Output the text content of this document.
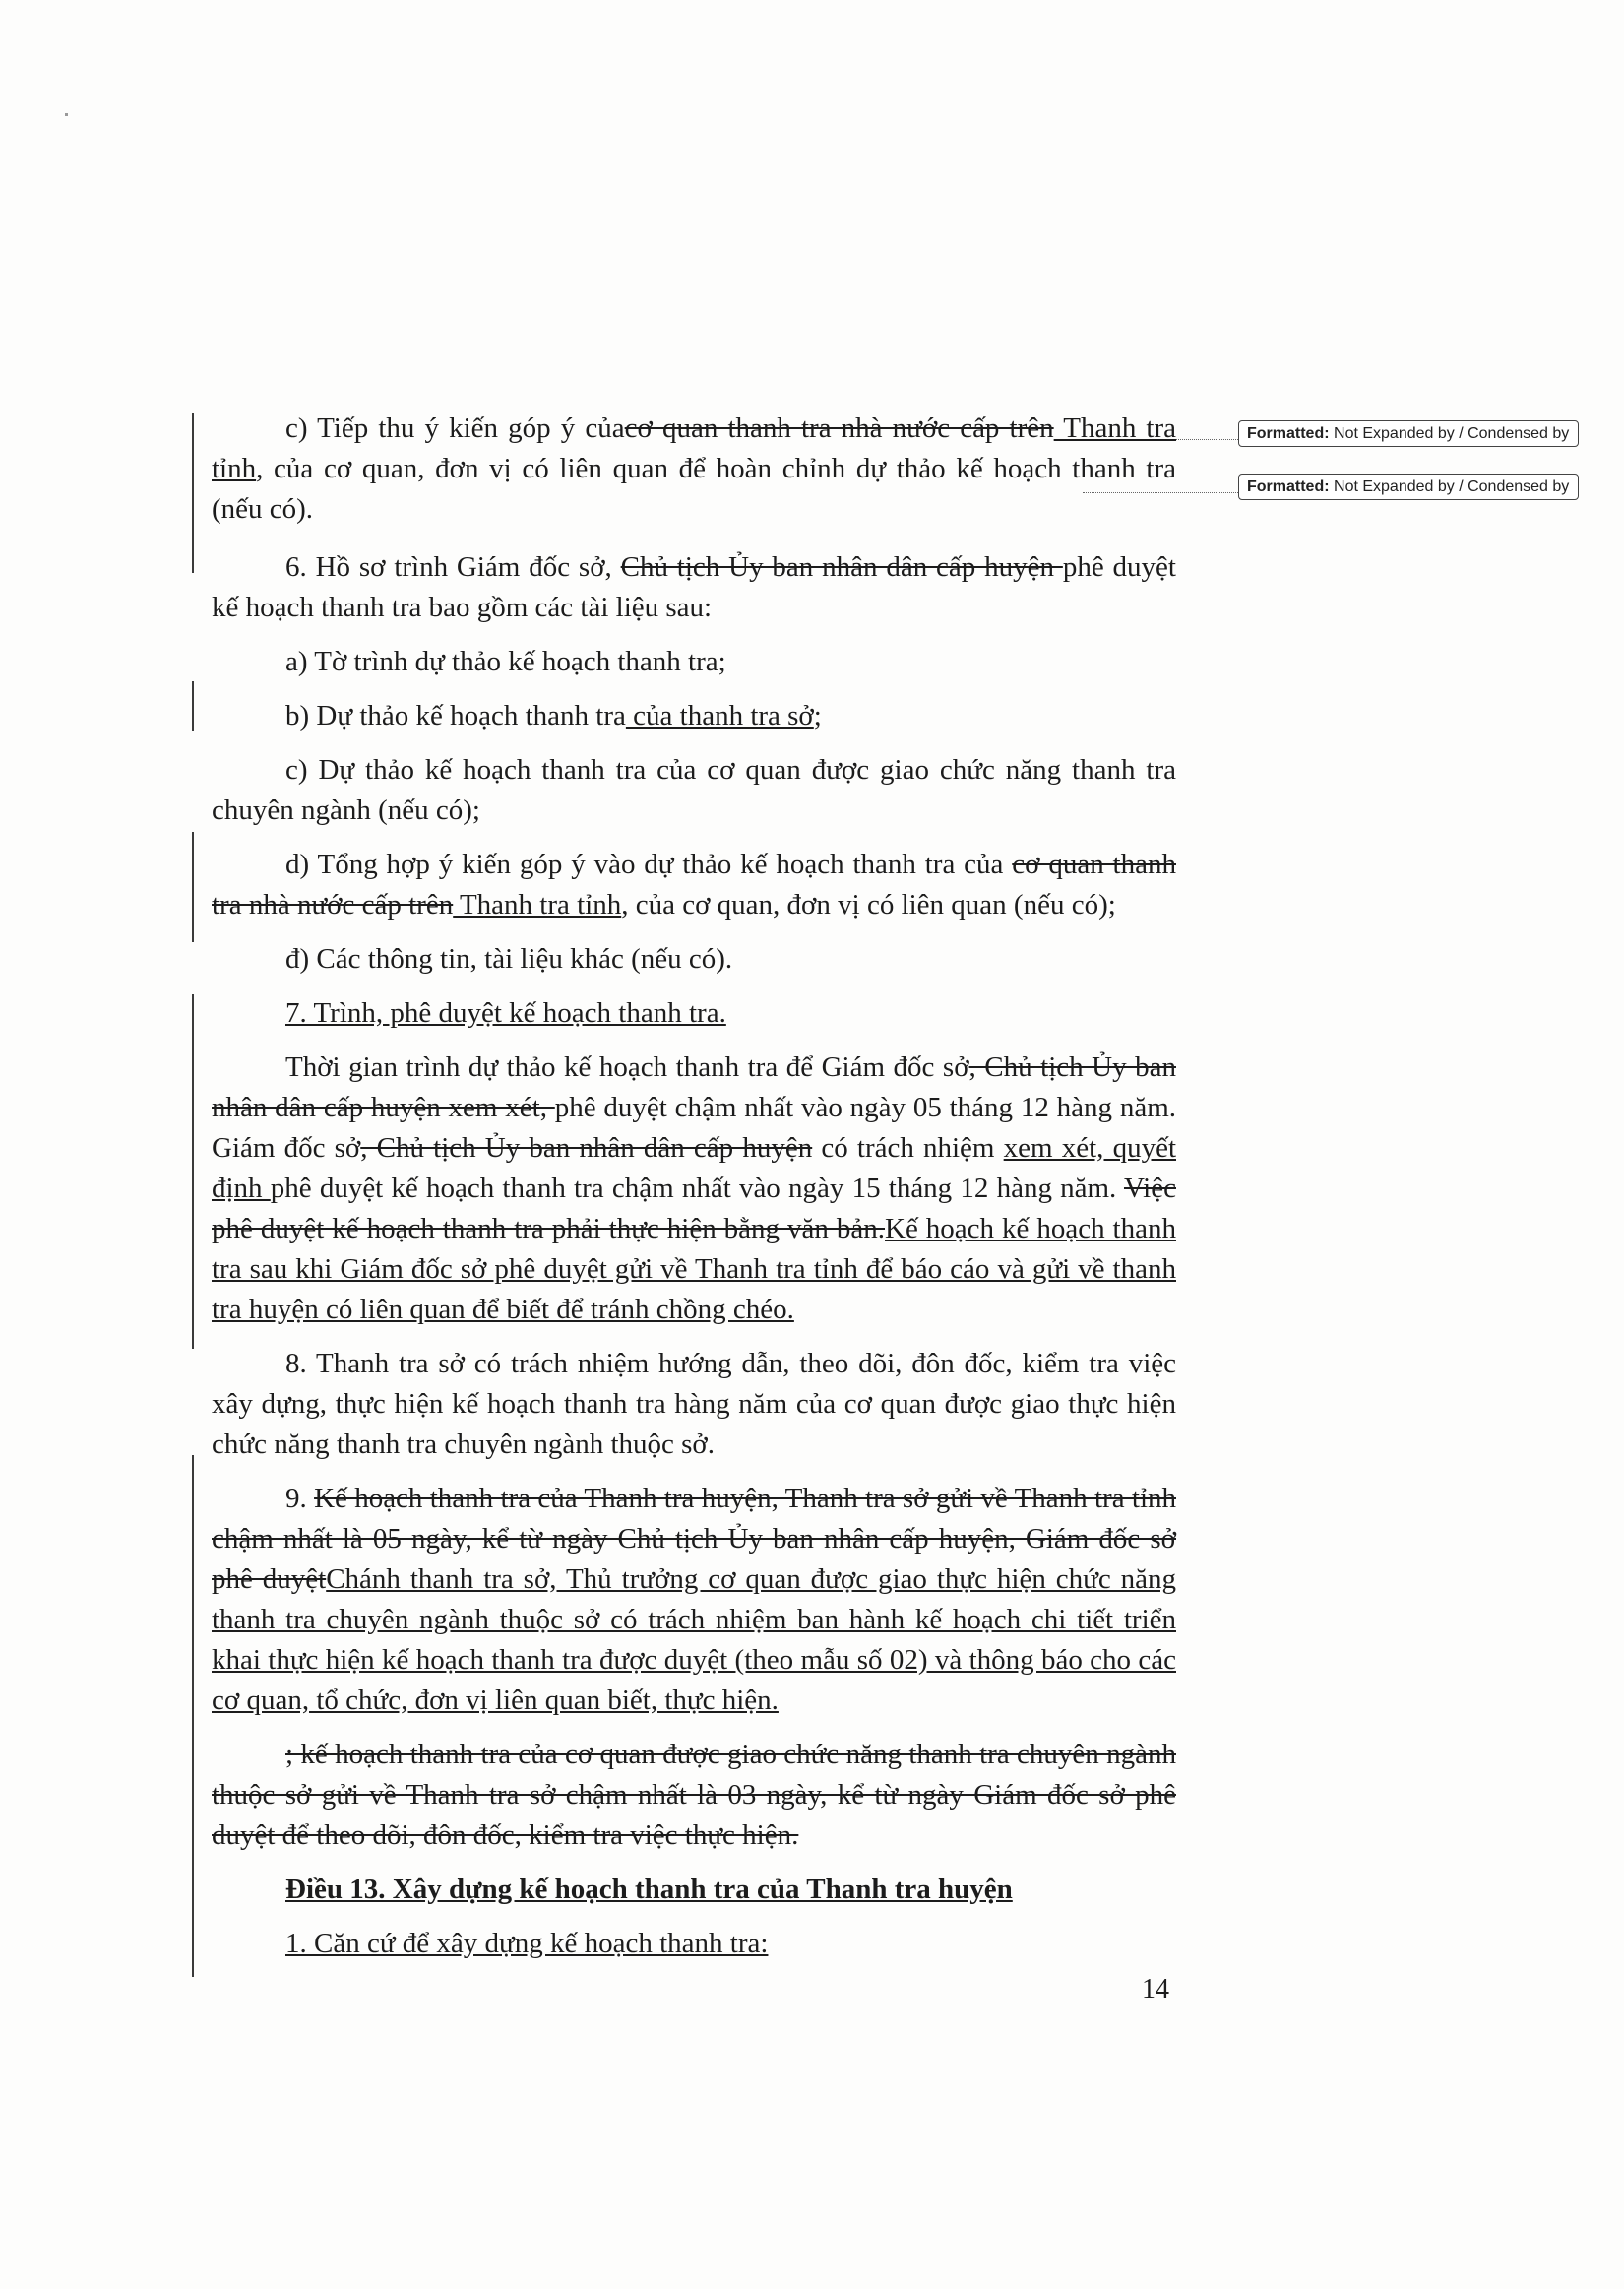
Formatted: Not Expanded by / Condensed by
Formatted: Not Expanded by / Condensed by

c) Tiếp thu ý kiến góp ý củacơ quan thanh tra nhà nước cấp trên Thanh tra tỉnh, của cơ quan, đơn vị có liên quan để hoàn chỉnh dự thảo kế hoạch thanh tra (nếu có).

6. Hồ sơ trình Giám đốc sở, Chủ tịch Ủy ban nhân dân cấp huyện phê duyệt kế hoạch thanh tra bao gồm các tài liệu sau:

a) Tờ trình dự thảo kế hoạch thanh tra;

b) Dự thảo kế hoạch thanh tra của thanh tra sở;

c) Dự thảo kế hoạch thanh tra của cơ quan được giao chức năng thanh tra chuyên ngành (nếu có);

d) Tổng hợp ý kiến góp ý vào dự thảo kế hoạch thanh tra của cơ quan thanh tra nhà nước cấp trên Thanh tra tỉnh, của cơ quan, đơn vị có liên quan (nếu có);

đ) Các thông tin, tài liệu khác (nếu có).

7. Trình, phê duyệt kế hoạch thanh tra.

Thời gian trình dự thảo kế hoạch thanh tra để Giám đốc sở, Chủ tịch Ủy ban nhân dân cấp huyện xem xét, phê duyệt chậm nhất vào ngày 05 tháng 12 hàng năm. Giám đốc sở, Chủ tịch Ủy ban nhân dân cấp huyện có trách nhiệm xem xét, quyết định phê duyệt kế hoạch thanh tra chậm nhất vào ngày 15 tháng 12 hàng năm. Việc phê duyệt kế hoạch thanh tra phải thực hiện bằng văn bản.Kế hoạch kế hoạch thanh tra sau khi Giám đốc sở phê duyệt gửi về Thanh tra tỉnh để báo cáo và gửi về thanh tra huyện có liên quan để biết để tránh chồng chéo.

8. Thanh tra sở có trách nhiệm hướng dẫn, theo dõi, đôn đốc, kiểm tra việc xây dựng, thực hiện kế hoạch thanh tra hàng năm của cơ quan được giao thực hiện chức năng thanh tra chuyên ngành thuộc sở.

9. Kế hoạch thanh tra của Thanh tra huyện, Thanh tra sở gửi về Thanh tra tỉnh chậm nhất là 05 ngày, kể từ ngày Chủ tịch Ủy ban nhân cấp huyện, Giám đốc sở phê duyệtChánh thanh tra sở, Thủ trưởng cơ quan được giao thực hiện chức năng thanh tra chuyên ngành thuộc sở có trách nhiệm ban hành kế hoạch chi tiết triển khai thực hiện kế hoạch thanh tra được duyệt (theo mẫu số 02) và thông báo cho các cơ quan, tổ chức, đơn vị liên quan biết, thực hiện.

; kế hoạch thanh tra của cơ quan được giao chức năng thanh tra chuyên ngành thuộc sở gửi về Thanh tra sở chậm nhất là 03 ngày, kể từ ngày Giám đốc sở phê duyệt để theo dõi, đôn đốc, kiểm tra việc thực hiện.

Điều 13. Xây dựng kế hoạch thanh tra của Thanh tra huyện

1. Căn cứ để xây dựng kế hoạch thanh tra:

14
